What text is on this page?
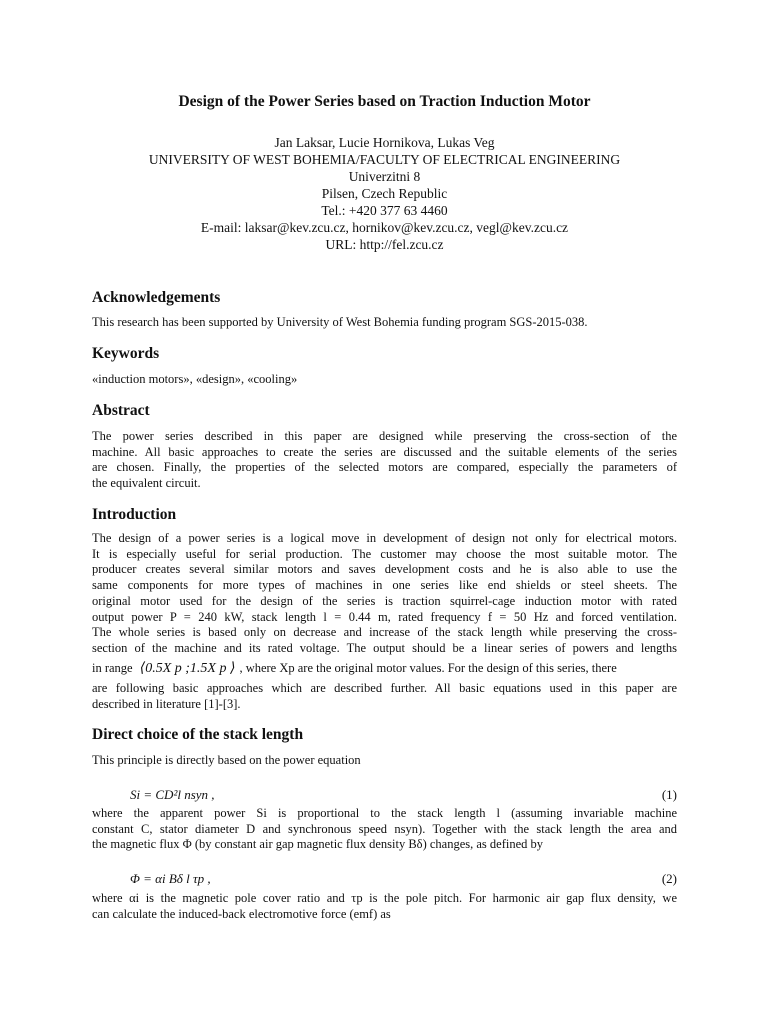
Design of the Power Series based on Traction Induction Motor
Jan Laksar, Lucie Hornikova, Lukas Veg
UNIVERSITY OF WEST BOHEMIA/FACULTY OF ELECTRICAL ENGINEERING
Univerzitni 8
Pilsen, Czech Republic
Tel.: +420 377 63 4460
E-mail: laksar@kev.zcu.cz, hornikov@kev.zcu.cz, vegl@kev.zcu.cz
URL: http://fel.zcu.cz
Acknowledgements
This research has been supported by University of West Bohemia funding program SGS-2015-038.
Keywords
«induction motors», «design», «cooling»
Abstract
The power series described in this paper are designed while preserving the cross-section of the
machine. All basic approaches to create the series are discussed and the suitable elements of the series
are chosen. Finally, the properties of the selected motors are compared, especially the parameters of
the equivalent circuit.
Introduction
The design of a power series is a logical move in development of design not only for electrical motors.
It is especially useful for serial production. The customer may choose the most suitable motor. The
producer creates several similar motors and saves development costs and he is also able to use the
same components for more types of machines in one series like end shields or steel sheets. The
original motor used for the design of the series is traction squirrel-cage induction motor with rated
output power P = 240 kW, stack length l = 0.44 m, rated frequency f = 50 Hz and forced ventilation.
The whole series is based only on decrease and increase of the stack length while preserving the cross-
section of the machine and its rated voltage. The output should be a linear series of powers and lengths
in range ⟨0.5X p ;1.5X p ⟩ , where Xp are the original motor values. For the design of this series, there
are following basic approaches which are described further. All basic equations used in this paper are
described in literature [1]-[3].
Direct choice of the stack length
This principle is directly based on the power equation
Si = CD²l nsyn ,	(1)
where the apparent power Si is proportional to the stack length l (assuming invariable machine
constant C, stator diameter D and synchronous speed nsyn). Together with the stack length the area and
the magnetic flux Φ (by constant air gap magnetic flux density Bδ) changes, as defined by
Φ = αi Bδ l τp ,	(2)
where αi is the magnetic pole cover ratio and τp is the pole pitch. For harmonic air gap flux density, we
can calculate the induced-back electromotive force (emf) as
